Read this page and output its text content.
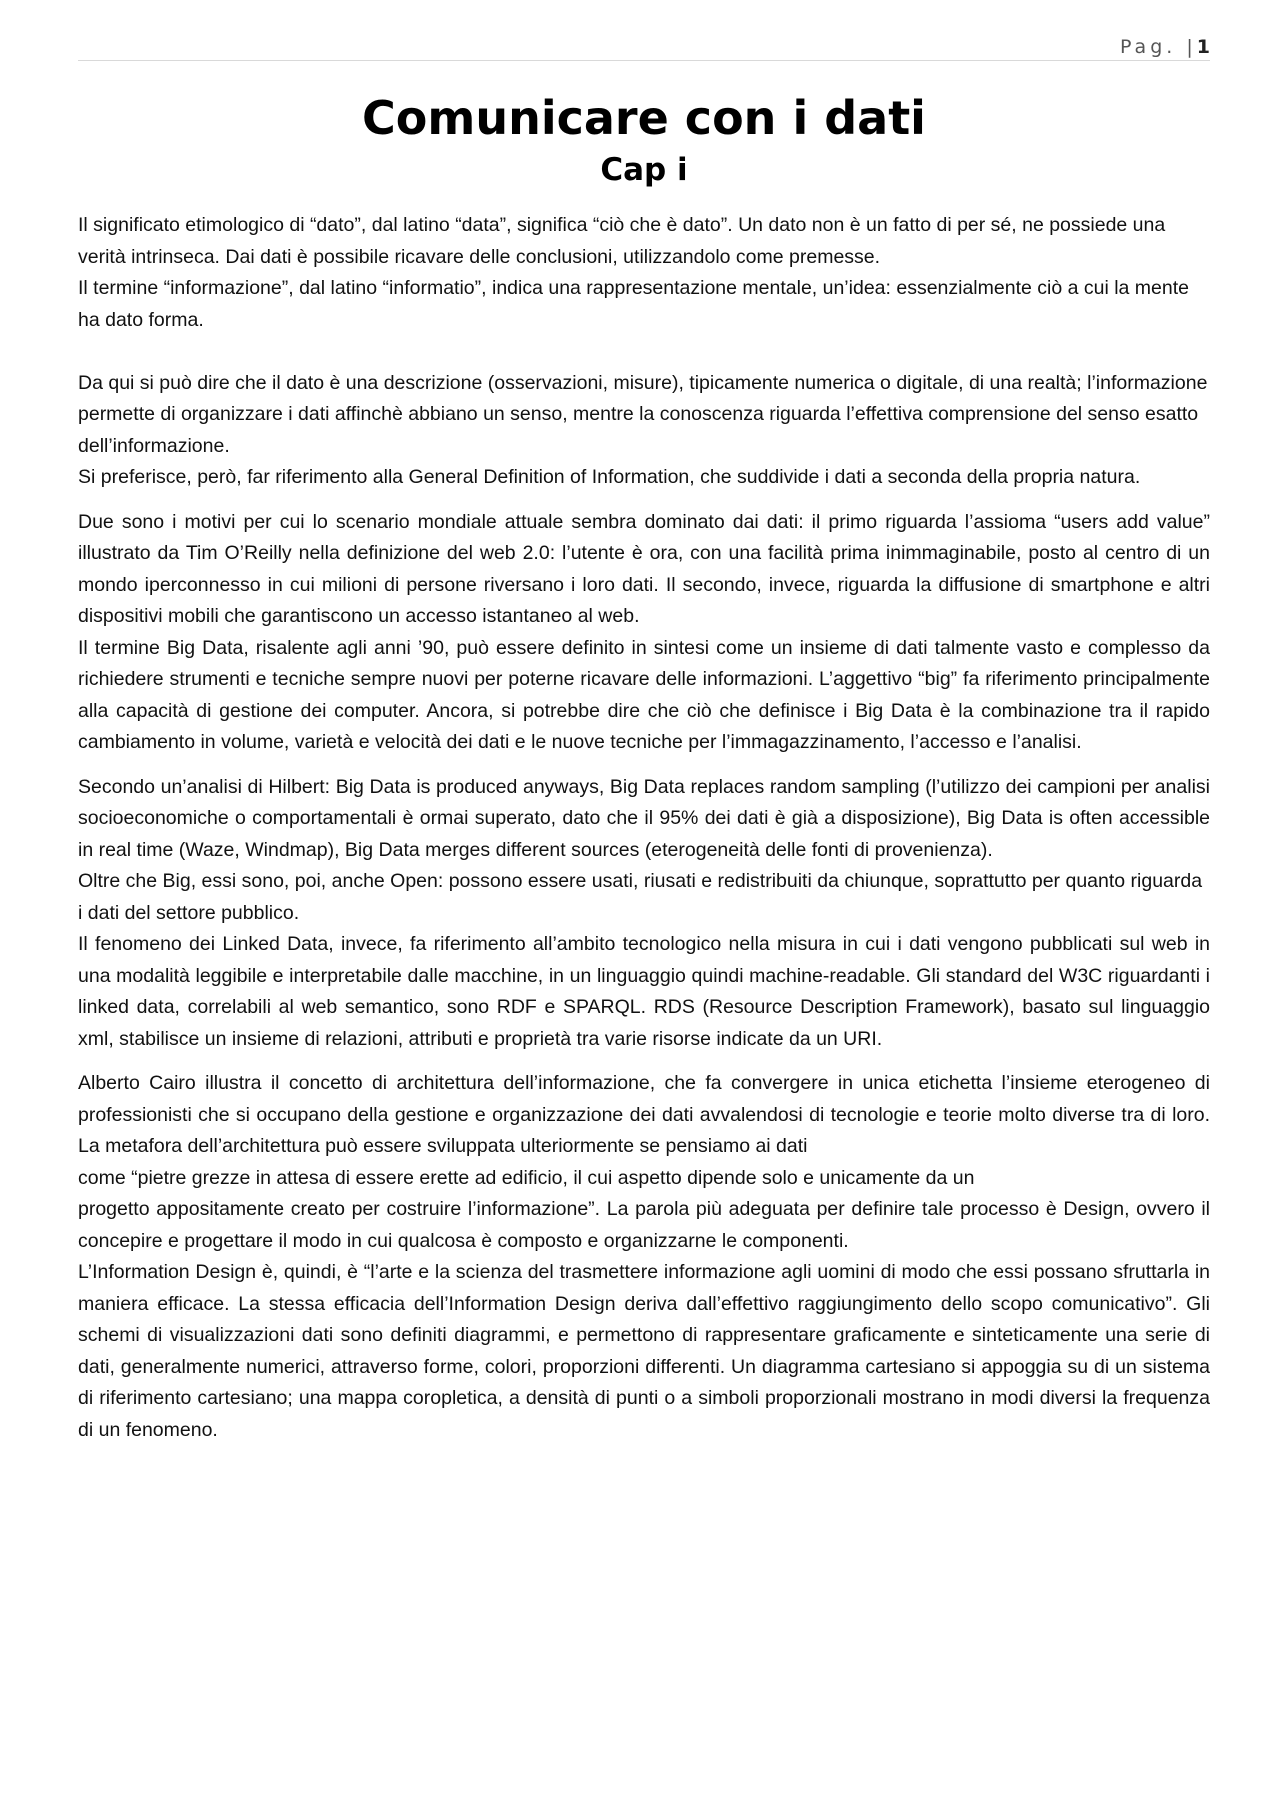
Pag. |1
Comunicare con i dati
Cap i

Il significato etimologico di “dato”, dal latino “data”, significa “ciò che è dato”. Un dato non è un fatto di per sé, ne possiede una verità intrinseca. Dai dati è possibile ricavare delle conclusioni, utilizzandolo come premesse.

Il termine “informazione”, dal latino “informatio”, indica una rappresentazione mentale, un’idea: essenzialmente ciò a cui la mente ha dato forma.

Da qui si può dire che il dato è una descrizione (osservazioni, misure), tipicamente numerica o digitale, di una realtà; l’informazione permette di organizzare i dati affinchè abbiano un senso, mentre la conoscenza riguarda l’effettiva comprensione del senso esatto dell’informazione.

Si preferisce, però, far riferimento alla General Definition of Information, che suddivide i dati a seconda della propria natura.

Due sono i motivi per cui lo scenario mondiale attuale sembra dominato dai dati: il primo riguarda l’assioma “users add value” illustrato da Tim O’Reilly nella definizione del web 2.0: l’utente è ora, con una facilità prima inimmaginabile, posto al centro di un mondo iperconnesso in cui milioni di persone riversano i loro dati. Il secondo, invece, riguarda la diffusione di smartphone e altri dispositivi mobili che garantiscono un accesso istantaneo al web.

Il termine Big Data, risalente agli anni ’90, può essere definito in sintesi come un insieme di dati talmente vasto e complesso da richiedere strumenti e tecniche sempre nuovi per poterne ricavare delle informazioni. L’aggettivo “big” fa riferimento principalmente alla capacità di gestione dei computer. Ancora, si potrebbe dire che ciò che definisce i Big Data è la combinazione tra il rapido cambiamento in volume, varietà e velocità dei dati e le nuove tecniche per l’immagazzinamento, l’accesso e l’analisi.

Secondo un’analisi di Hilbert: Big Data is produced anyways, Big Data replaces random sampling (l’utilizzo dei campioni per analisi socioeconomiche o comportamentali è ormai superato, dato che il 95% dei dati è già a disposizione), Big Data is often accessible in real time (Waze, Windmap), Big Data merges different sources (eterogeneità delle fonti di provenienza).

Oltre che Big, essi sono, poi, anche Open: possono essere usati, riusati e redistribuiti da chiunque, soprattutto per quanto riguarda i dati del settore pubblico.

Il fenomeno dei Linked Data, invece, fa riferimento all’ambito tecnologico nella misura in cui i dati vengono pubblicati sul web in una modalità leggibile e interpretabile dalle macchine, in un linguaggio quindi machine-readable. Gli standard del W3C riguardanti i linked data, correlabili al web semantico, sono RDF e SPARQL. RDS (Resource Description Framework), basato sul linguaggio xml, stabilisce un insieme di relazioni, attributi e proprietà tra varie risorse indicate da un URI.

Alberto Cairo illustra il concetto di architettura dell’informazione, che fa convergere in unica etichetta l’insieme eterogeneo di professionisti che si occupano della gestione e organizzazione dei dati avvalendosi di tecnologie e teorie molto diverse tra di loro. La metafora dell’architettura può essere sviluppata ulteriormente se pensiamo ai dati

come “pietre grezze in attesa di essere erette ad edificio, il cui aspetto dipende solo e unicamente da un

progetto appositamente creato per costruire l’informazione”. La parola più adeguata per definire tale processo è Design, ovvero il concepire e progettare il modo in cui qualcosa è composto e organizzarne le componenti.

L’Information Design è, quindi, è “l’arte e la scienza del trasmettere informazione agli uomini di modo che essi possano sfruttarla in maniera efficace. La stessa efficacia dell’Information Design deriva dall’effettivo raggiungimento dello scopo comunicativo”. Gli schemi di visualizzazioni dati sono definiti diagrammi, e permettono di rappresentare graficamente e sinteticamente una serie di dati, generalmente numerici, attraverso forme, colori, proporzioni differenti. Un diagramma cartesiano si appoggia su di un sistema di riferimento cartesiano; una mappa coropletica, a densità di punti o a simboli proporzionali mostrano in modi diversi la frequenza di un fenomeno.
